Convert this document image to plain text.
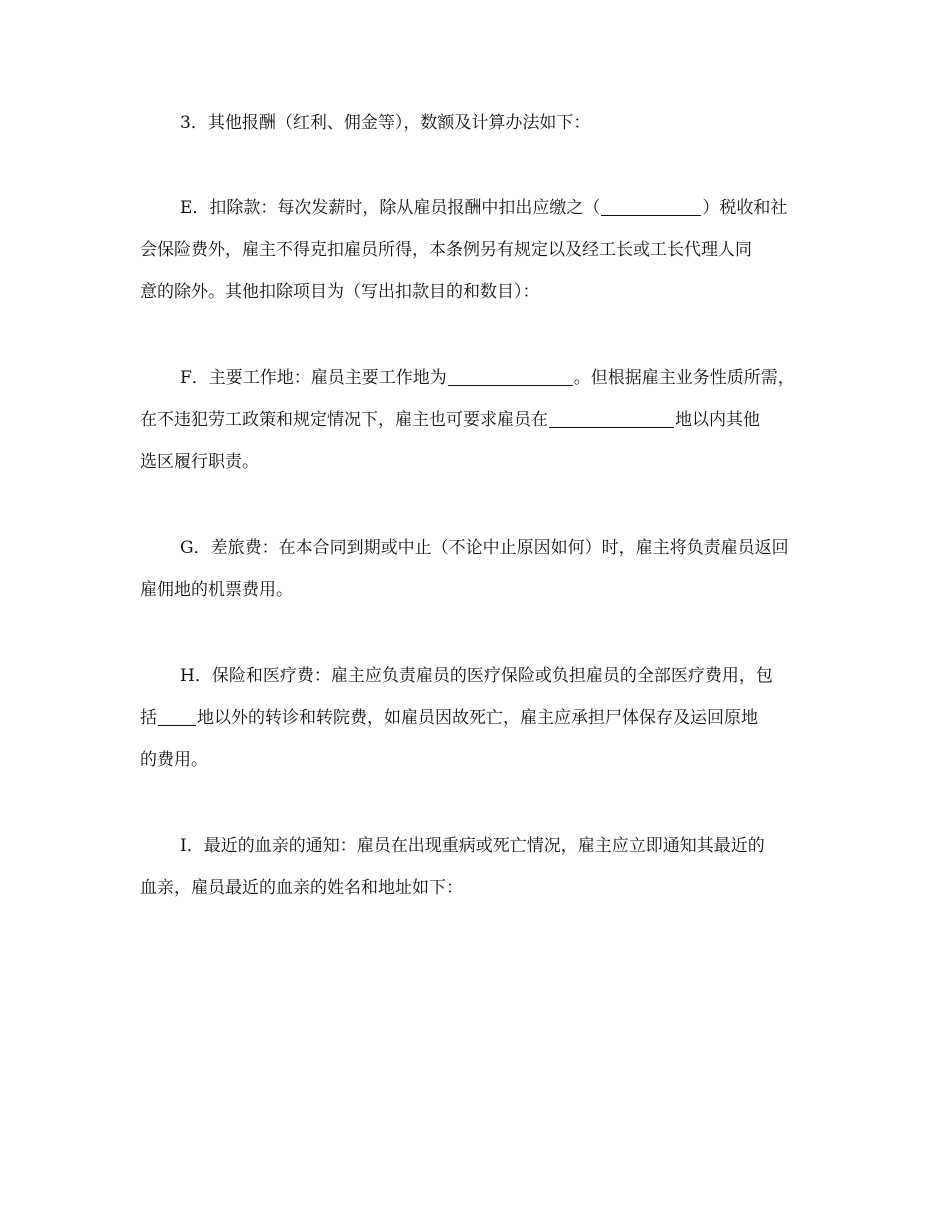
3．其他报酬（红利、佣金等），数额及计算办法如下：
E．扣除款：每次发薪时，除从雇员报酬中扣出应缴之（	）税收和社
会保险费外，雇主不得克扣雇员所得，本条例另有规定以及经工长或工长代理人同
意的除外。其他扣除项目为（写出扣款目的和数目）：
F．主要工作地：雇员主要工作地为	。但根据雇主业务性质所需，
在不违犯劳工政策和规定情况下，雇主也可要求雇员在	地以内其他
选区履行职责。
G．差旅费：在本合同到期或中止（不论中止原因如何）时，雇主将负责雇员返回
雇佣地的机票费用。
H．保险和医疗费：雇主应负责雇员的医疗保险或负担雇员的全部医疗费用，包
括 地以外的转诊和转院费，如雇员因故死亡，雇主应承担尸体保存及运回原地
的费用。
I．最近的血亲的通知：雇员在出现重病或死亡情况，雇主应立即通知其最近的
血亲，雇员最近的血亲的姓名和地址如下：
